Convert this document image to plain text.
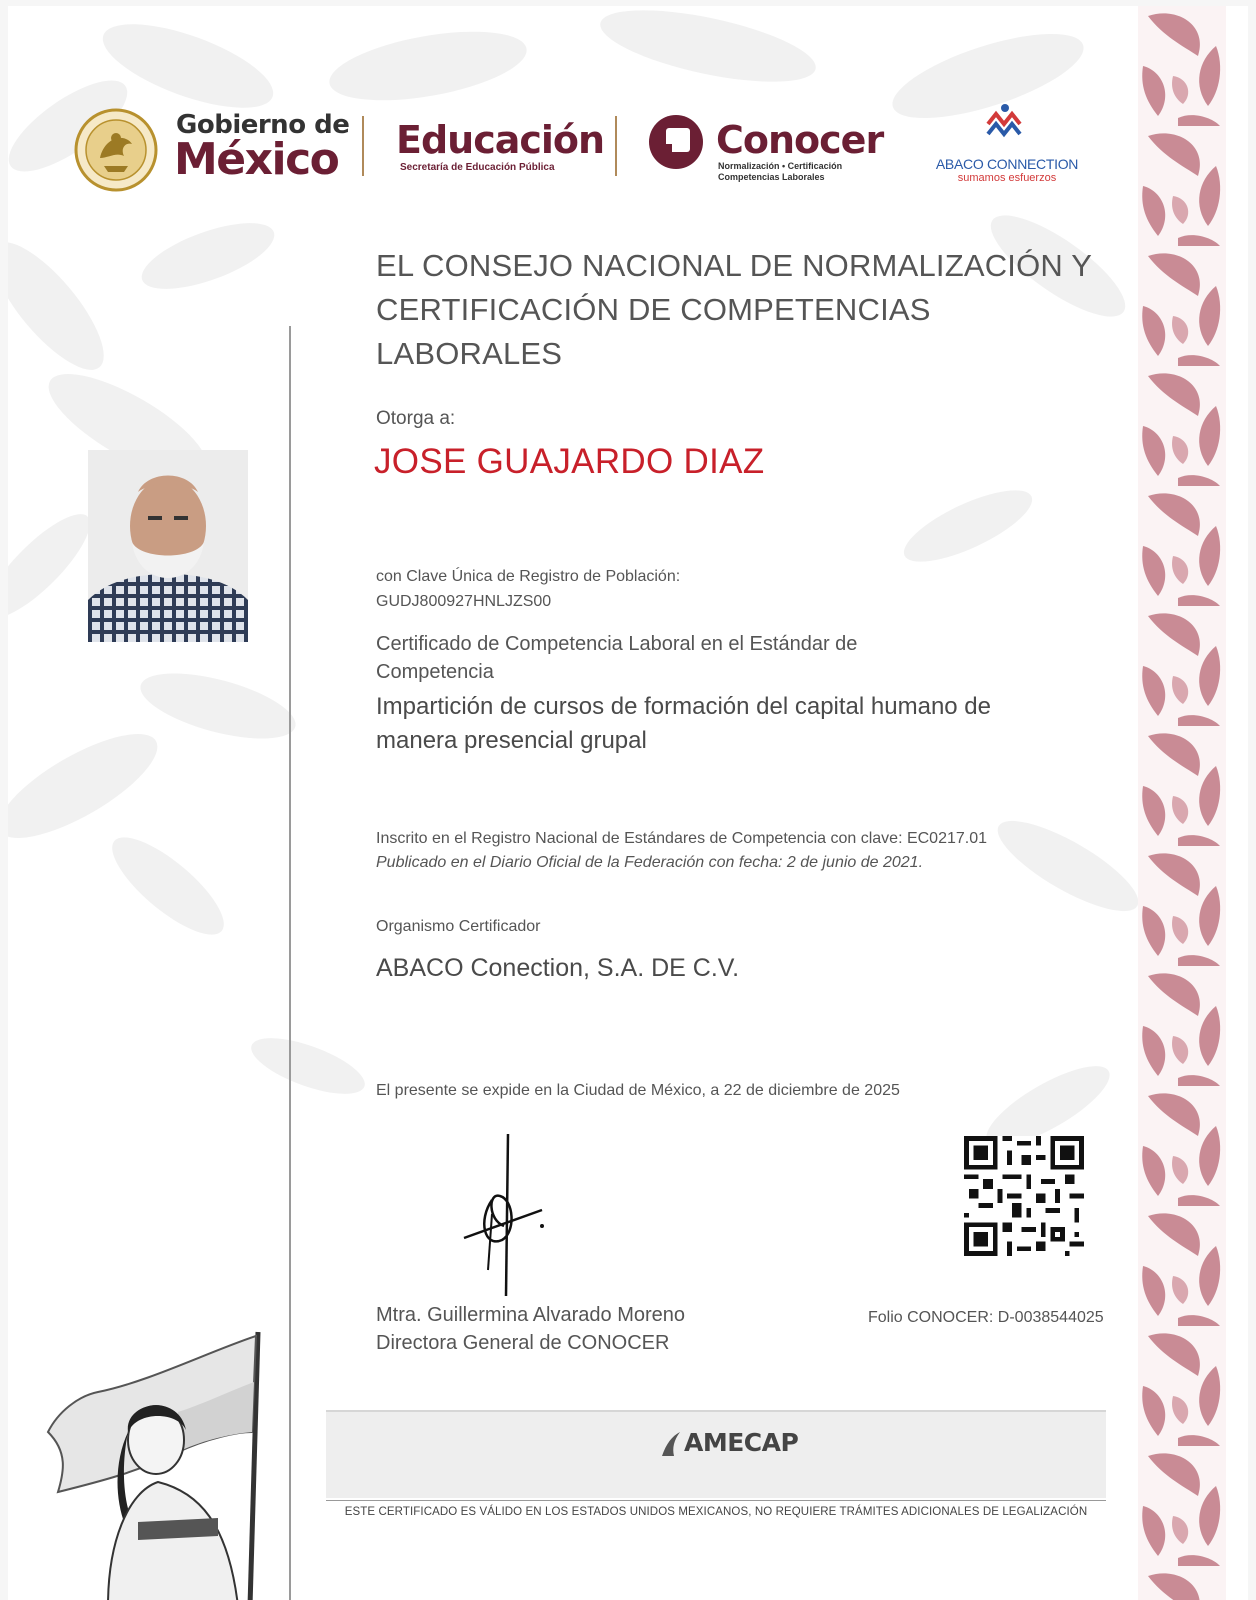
Gobierno de
México Educación
Secretaría de Educación Pública
Conocer
Normalización • Certificación
Competencias Laborales
ABACO CONNECTION
sumamos esfuerzos
EL CONSEJO NACIONAL DE NORMALIZACIÓN Y CERTIFICACIÓN DE COMPETENCIAS LABORALES
Otorga a:
JOSE GUAJARDO DIAZ
con Clave Única de Registro de Población:
GUDJ800927HNLJZS00
Certificado de Competencia Laboral en el Estándar de Competencia
Impartición de cursos de formación del capital humano de manera presencial grupal
Inscrito en el Registro Nacional de Estándares de Competencia con clave: EC0217.01
Publicado en el Diario Oficial de la Federación con fecha: 2 de junio de 2021.
Organismo Certificador
ABACO Conection, S.A. DE C.V.
El presente se expide en la Ciudad de México, a 22 de diciembre de 2025
Mtra. Guillermina Alvarado Moreno
Directora General de CONOCER
Folio CONOCER: D-0038544025
AMECAP
ESTE CERTIFICADO ES VÁLIDO EN LOS ESTADOS UNIDOS MEXICANOS, NO REQUIERE TRÁMITES ADICIONALES DE LEGALIZACIÓN
